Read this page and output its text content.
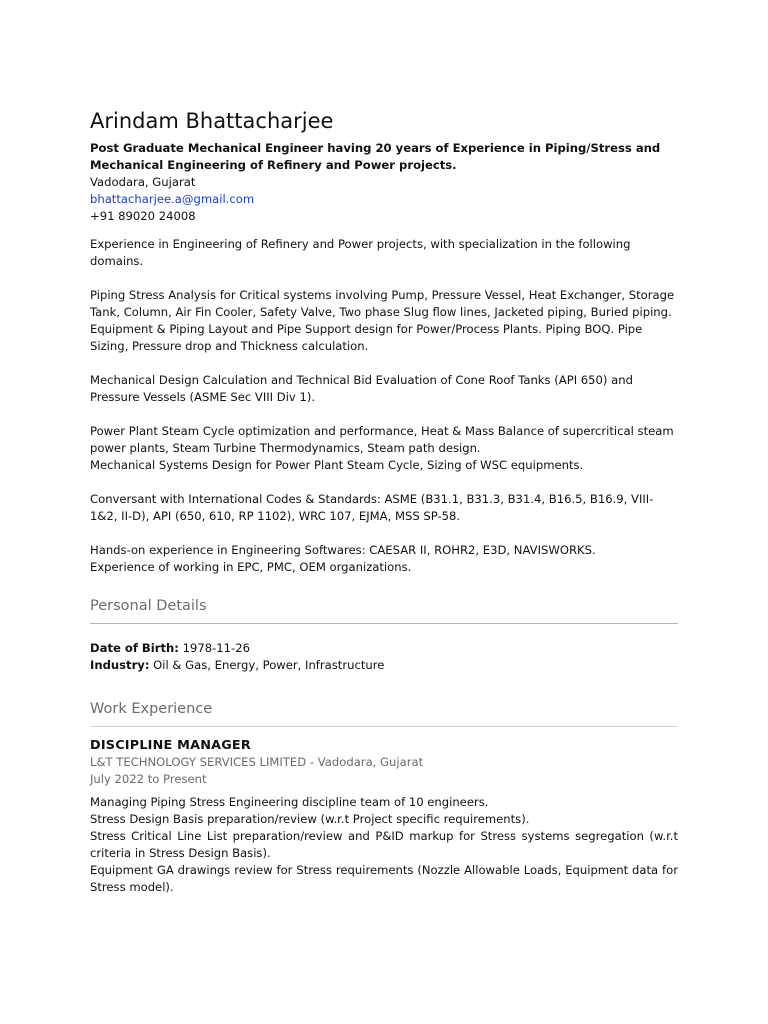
Arindam Bhattacharjee
Post Graduate Mechanical Engineer having 20 years of Experience in Piping/Stress and Mechanical Engineering of Refinery and Power projects.
Vadodara, Gujarat
bhattacharjee.a@gmail.com
+91 89020 24008

Experience in Engineering of Refinery and Power projects, with specialization in the following domains.

Piping Stress Analysis for Critical systems involving Pump, Pressure Vessel, Heat Exchanger, Storage Tank, Column, Air Fin Cooler, Safety Valve, Two phase Slug flow lines, Jacketed piping, Buried piping.

Equipment & Piping Layout and Pipe Support design for Power/Process Plants. Piping BOQ. Pipe Sizing, Pressure drop and Thickness calculation.

Mechanical Design Calculation and Technical Bid Evaluation of Cone Roof Tanks (API 650) and Pressure Vessels (ASME Sec VIII Div 1).

Power Plant Steam Cycle optimization and performance, Heat & Mass Balance of supercritical steam power plants, Steam Turbine Thermodynamics, Steam path design.

Mechanical Systems Design for Power Plant Steam Cycle, Sizing of WSC equipments.

Conversant with International Codes & Standards: ASME (B31.1, B31.3, B31.4, B16.5, B16.9, VIII-1&2, II-D), API (650, 610, RP 1102), WRC 107, EJMA, MSS SP-58.

Hands-on experience in Engineering Softwares: CAESAR II, ROHR2, E3D, NAVISWORKS.

Experience of working in EPC, PMC, OEM organizations.

Personal Details
Date of Birth: 1978-11-26
Industry: Oil & Gas, Energy, Power, Infrastructure
Work Experience
DISCIPLINE MANAGER
L&T TECHNOLOGY SERVICES LIMITED - Vadodara, Gujarat
July 2022 to Present

Managing Piping Stress Engineering discipline team of 10 engineers.

Stress Design Basis preparation/review (w.r.t Project specific requirements).

Stress Critical Line List preparation/review and P&ID markup for Stress systems segregation (w.r.t criteria in Stress Design Basis).

Equipment GA drawings review for Stress requirements (Nozzle Allowable Loads, Equipment data for Stress model).
